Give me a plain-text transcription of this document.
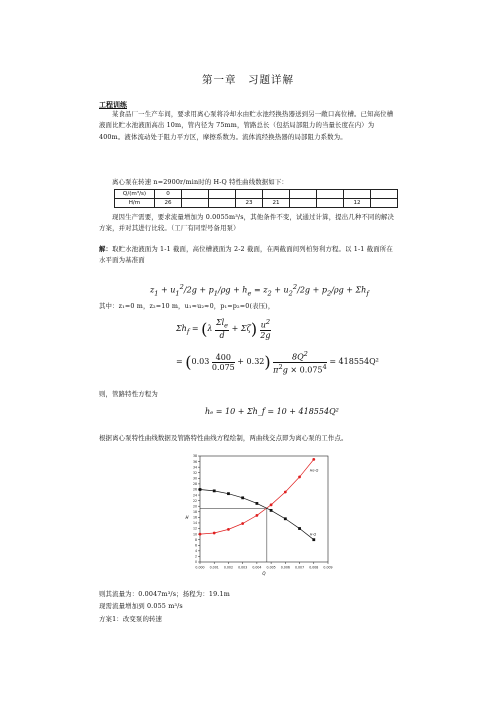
第一章　习题详解
工程训练
某食品厂一生产车间，要求用离心泵将冷却水由贮水池经换热器送到另一敞口高位槽。已知高位槽液面比贮水池液面高出 10m，管内径为 75mm，管路总长（包括局部阻力的当量长度在内）为 400m。液体流动处于阻力平方区，摩擦系数为。流体流经换热器的局部阻力系数为。
离心泵在转速 n=2900r/min时的 H-Q 特性曲线数据如下：
Q/(m³/s)	0								
H/m	26			23	21			12	
现因生产需要，要求流量增加为 0.0055m³/s，其他条件不变，试通过计算，提出几种不同的解决方案，并对其进行比较。（工厂有同型号备用泵）
解：取贮水池液面为 1-1 截面，高位槽液面为 2-2 截面，在两截面间列柏努利方程。以 1-1 截面所在水平面为基准面
$z_1 + u_1^2/2g + p_1/\rho g + h_e = z_2 + u_2^2/2g + p_2/\rho g + \Sigma h_f$
其中：z₁=0 m，z₂=10 m，u₁≈u₂≈0，p₁=p₂=0(表压)，
$\Sigma h_f = (\lambda \frac{\Sigma l_e}{d} + \Sigma\zeta) \frac{u^2}{2g}$
= $(0.03 \frac{400}{0.075} + 0.32) \frac{8Q^2}{\pi^2g \times 0.075^4} = 418554Q^2$
则，管路特性方程为
hₑ = 10 + Σh_f = 10 + 418554Q²
根据离心泵特性曲线数据及管路特性曲线方程绘制，两曲线交点即为离心泵的工作点。
0.000 0.001 0.002 0.003 0.004 0.005 0.006 0.007 0.008 0.009
0
2
4
6
8
10
12
14
16
18
20
22
24
26
28
30
32
34
36
38
Q
H
He-Q
H-Q
则其流量为：0.0047m³/s；扬程为：19.1m
现需流量增加到 0.055 m³/s
方案1：改变泵的转速
